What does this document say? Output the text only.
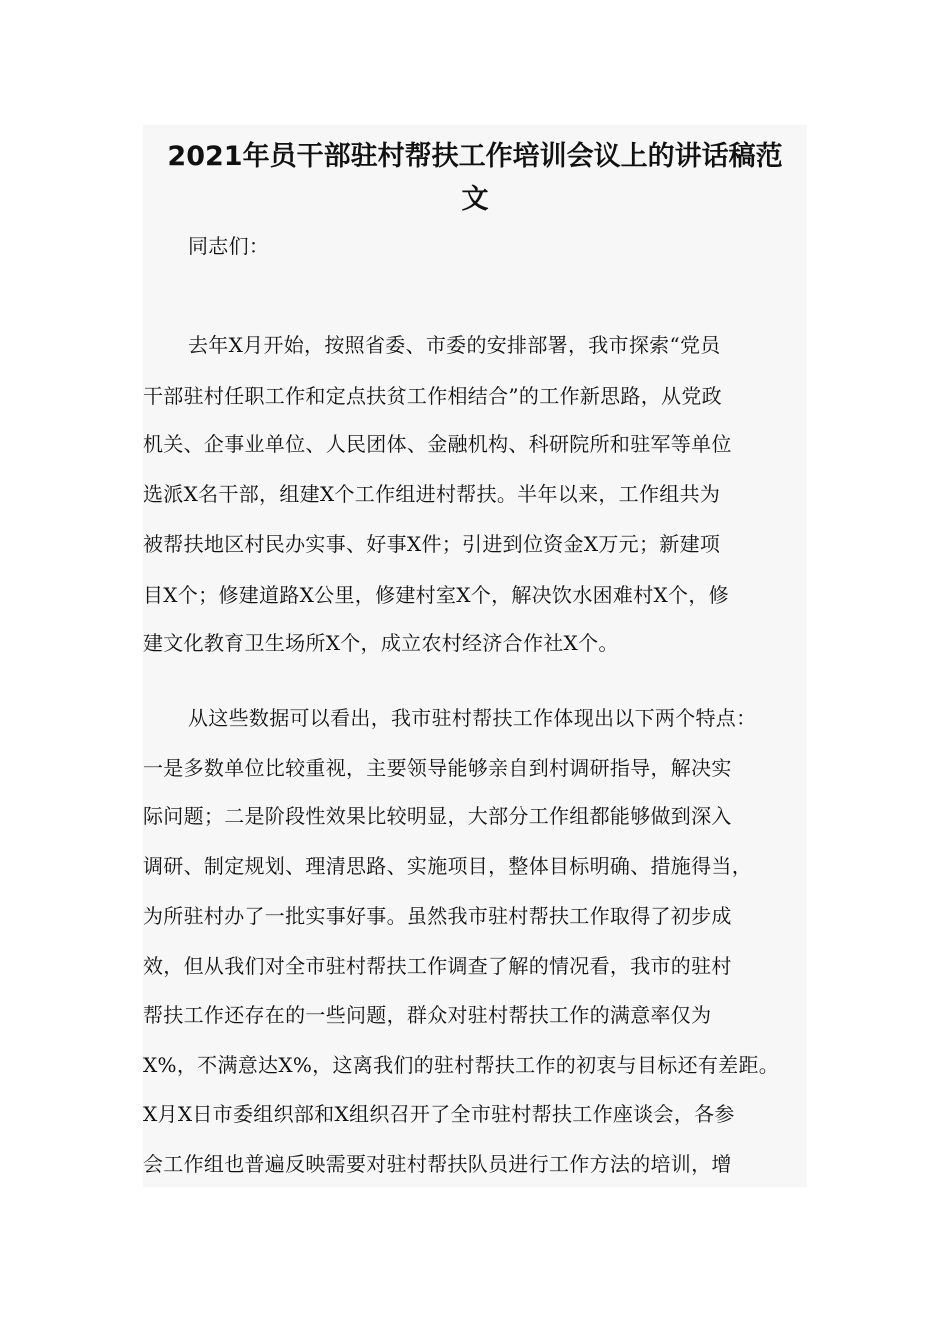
2021年员干部驻村帮扶工作培训会议上的讲话稿范
文
同志们：
去年X月开始，按照省委、市委的安排部署，我市探索“党员
干部驻村任职工作和定点扶贫工作相结合”的工作新思路，从党政
机关、企事业单位、人民团体、金融机构、科研院所和驻军等单位
选派X名干部，组建X个工作组进村帮扶。半年以来，工作组共为
被帮扶地区村民办实事、好事X件；引进到位资金X万元；新建项
目X个；修建道路X公里，修建村室X个，解决饮水困难村X个，修
建文化教育卫生场所X个，成立农村经济合作社X个。
从这些数据可以看出，我市驻村帮扶工作体现出以下两个特点：
一是多数单位比较重视，主要领导能够亲自到村调研指导，解决实
际问题；二是阶段性效果比较明显，大部分工作组都能够做到深入
调研、制定规划、理清思路、实施项目，整体目标明确、措施得当，
为所驻村办了一批实事好事。虽然我市驻村帮扶工作取得了初步成
效，但从我们对全市驻村帮扶工作调查了解的情况看，我市的驻村
帮扶工作还存在的一些问题，群众对驻村帮扶工作的满意率仅为
X%，不满意达X%，这离我们的驻村帮扶工作的初衷与目标还有差距。
X月X日市委组织部和X组织召开了全市驻村帮扶工作座谈会，各参
会工作组也普遍反映需要对驻村帮扶队员进行工作方法的培训，增
